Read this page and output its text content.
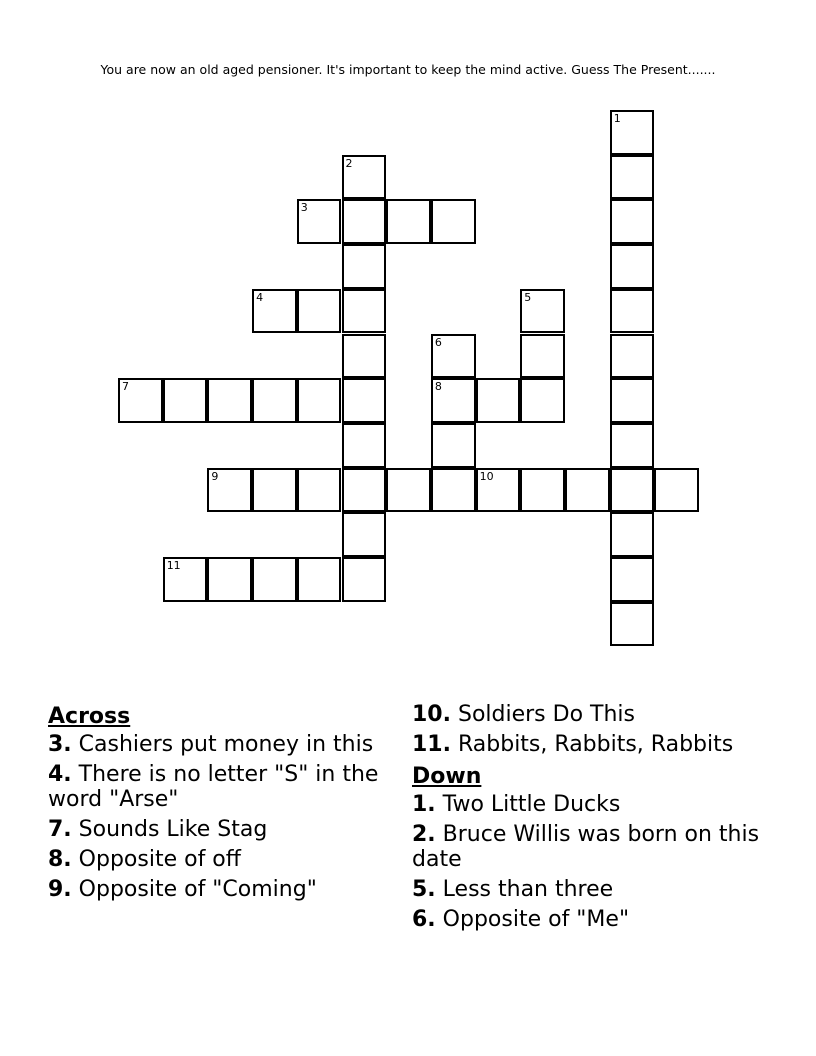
You are now an old aged pensioner. It's important to keep the mind active. Guess The Present.......
1
2
3
4	5
6
8
7
9	10
11
Across
3. Cashiers put money in this
4. There is no letter "S" in the word "Arse"
7. Sounds Like Stag
8. Opposite of off
9. Opposite of "Coming"
10. Soldiers Do This
11. Rabbits, Rabbits, Rabbits
Down
1. Two Little Ducks
2. Bruce Willis was born on this date
5. Less than three
6. Opposite of "Me"
